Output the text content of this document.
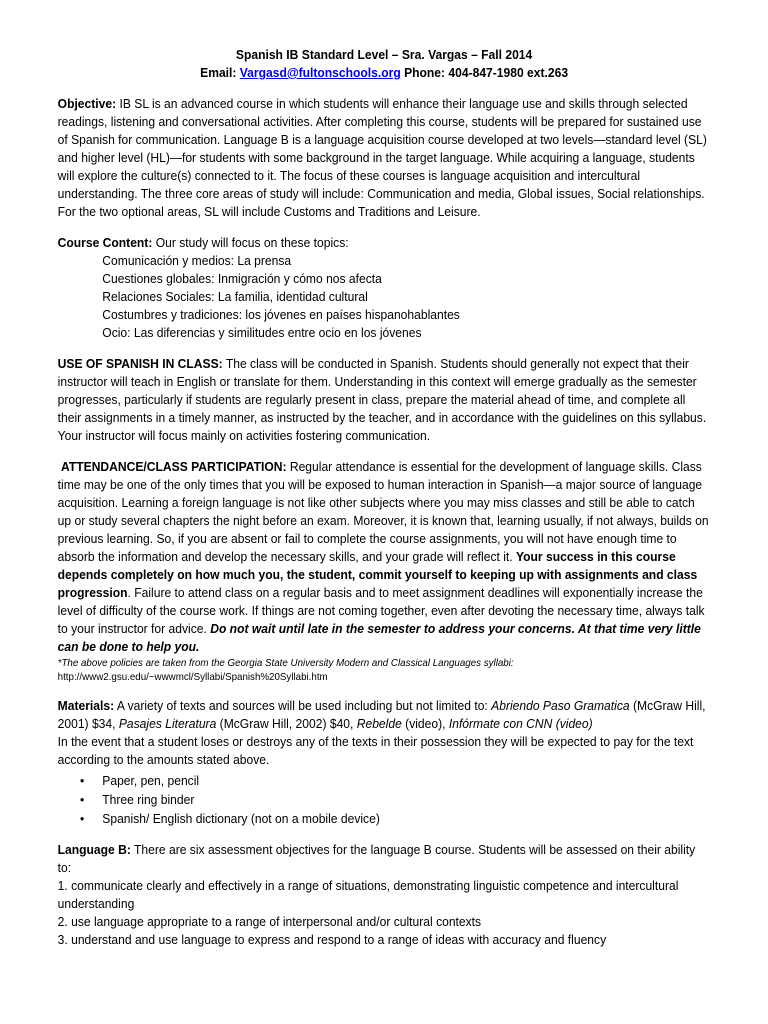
Spanish IB Standard Level – Sra. Vargas – Fall 2014
Email: Vargasd@fultonschools.org Phone: 404-847-1980 ext.263

Objective: IB SL is an advanced course in which students will enhance their language use and skills through selected readings, listening and conversational activities. After completing this course, students will be prepared for sustained use of Spanish for communication. Language B is a language acquisition course developed at two levels—standard level (SL) and higher level (HL)—for students with some background in the target language. While acquiring a language, students will explore the culture(s) connected to it. The focus of these courses is language acquisition and intercultural understanding. The three core areas of study will include: Communication and media, Global issues, Social relationships. For the two optional areas, SL will include Customs and Traditions and Leisure.

Course Content: Our study will focus on these topics:

Comunicación y medios: La prensa
Cuestiones globales: Inmigración y cómo nos afecta
Relaciones Sociales: La familia, identidad cultural
Costumbres y tradiciones: los jóvenes en países hispanohablantes
Ocio: Las diferencias y similitudes entre ocio en los jóvenes

USE OF SPANISH IN CLASS: The class will be conducted in Spanish. Students should generally not expect that their instructor will teach in English or translate for them. Understanding in this context will emerge gradually as the semester progresses, particularly if students are regularly present in class, prepare the material ahead of time, and complete all their assignments in a timely manner, as instructed by the teacher, and in accordance with the guidelines on this syllabus. Your instructor will focus mainly on activities fostering communication.

ATTENDANCE/CLASS PARTICIPATION: Regular attendance is essential for the development of language skills. Class time may be one of the only times that you will be exposed to human interaction in Spanish—a major source of language acquisition. Learning a foreign language is not like other subjects where you may miss classes and still be able to catch up or study several chapters the night before an exam. Moreover, it is known that, learning usually, if not always, builds on previous learning. So, if you are absent or fail to complete the course assignments, you will not have enough time to absorb the information and develop the necessary skills, and your grade will reflect it. Your success in this course depends completely on how much you, the student, commit yourself to keeping up with assignments and class progression. Failure to attend class on a regular basis and to meet assignment deadlines will exponentially increase the level of difficulty of the course work. If things are not coming together, even after devoting the necessary time, always talk to your instructor for advice. Do not wait until late in the semester to address your concerns. At that time very little can be done to help you.

*The above policies are taken from the Georgia State University Modern and Classical Languages syllabi:
http://www2.gsu.edu/~wwwmcl/Syllabi/Spanish%20Syllabi.htm

Materials: A variety of texts and sources will be used including but not limited to: Abriendo Paso Gramatica (McGraw Hill, 2001) $34, Pasajes Literatura (McGraw Hill, 2002) $40, Rebelde (video), Infórmate con CNN (video)

In the event that a student loses or destroys any of the texts in their possession they will be expected to pay for the text according to the amounts stated above.

• Paper, pen, pencil
• Three ring binder
• Spanish/ English dictionary (not on a mobile device)

Language B: There are six assessment objectives for the language B course. Students will be assessed on their ability to:

1. communicate clearly and effectively in a range of situations, demonstrating linguistic competence and intercultural understanding
2. use language appropriate to a range of interpersonal and/or cultural contexts
3. understand and use language to express and respond to a range of ideas with accuracy and fluency
